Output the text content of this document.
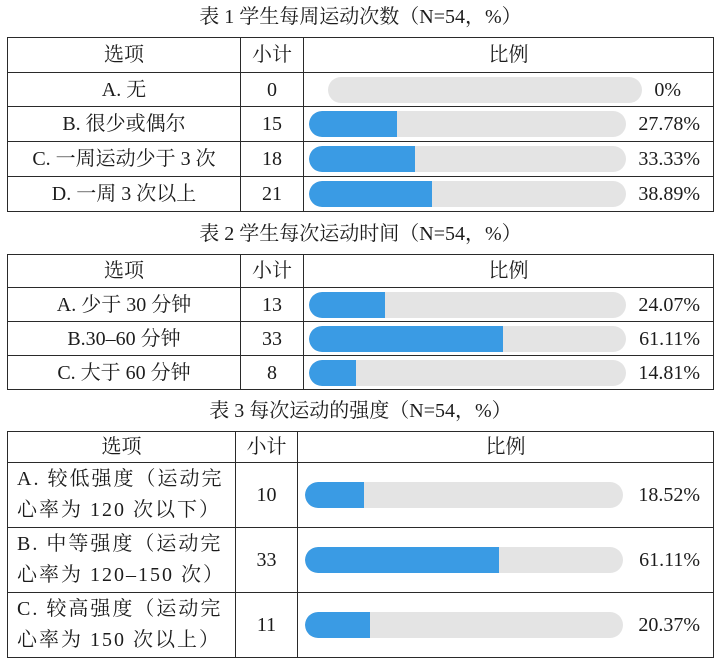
表 1 学生每周运动次数（N=54，%）
选项	小计	比例
A. 无	0	0%

B. 很少或偶尔	15	27.78%

C. 一周运动少于 3 次	18	33.33%

D. 一周 3 次以上	21	38.89%
表 2 学生每次运动时间（N=54，%）
选项	小计	比例
A. 少于 30 分钟	13	24.07%

B.30–60 分钟	33	61.11%

C. 大于 60 分钟	8	14.81%
表 3 每次运动的强度（N=54，%）
选项	小计	比例

A. 较低强度（运动完
心率为 120 次以下）	10	18.52%

B. 中等强度（运动完
心率为 120–150 次）	33	61.11%

C. 较高强度（运动完
心率为 150 次以上）	11	20.37%
